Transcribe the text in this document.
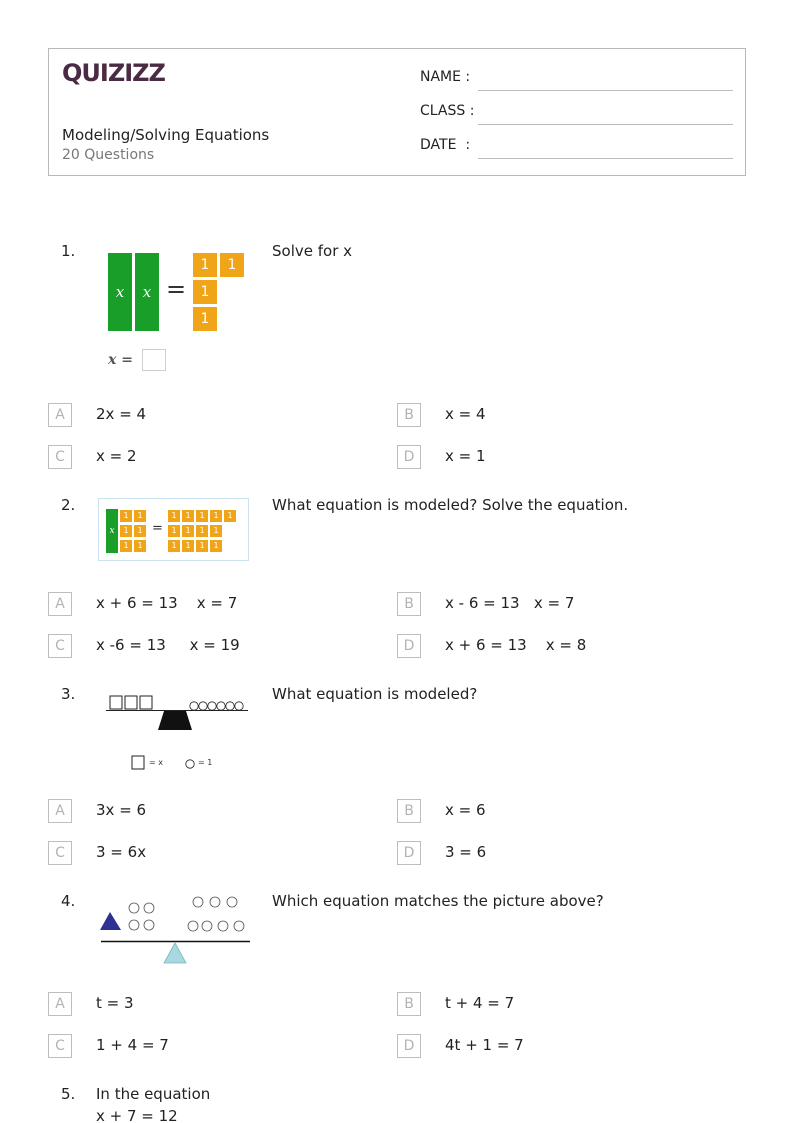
QUIZIZZ
Modeling/Solving Equations
20 Questions
NAME :
CLASS :
DATE  :
1.	Solve for x
x	x =
1	1
1
1
x =
A	2x = 4	B	x = 4
C	x = 2	D	x = 1
2.	What equation is modeled? Solve the equation.
x
1	1
1	1
1	1
=
1	1	1	1	1
1	1	1	1
1	1	1	1
A	x + 6 = 13    x = 7	B	x - 6 = 13   x = 7
C	x -6 = 13     x = 19	D	x + 6 = 13    x = 8
3.	What equation is modeled?
= x	= 1
A	3x = 6	B	x = 6
C	3 = 6x	D	3 = 6
4.	Which equation matches the picture above?
A	t = 3	B	t + 4 = 7
C	1 + 4 = 7	D	4t + 1 = 7
5. In the equation
x + 7 = 12
